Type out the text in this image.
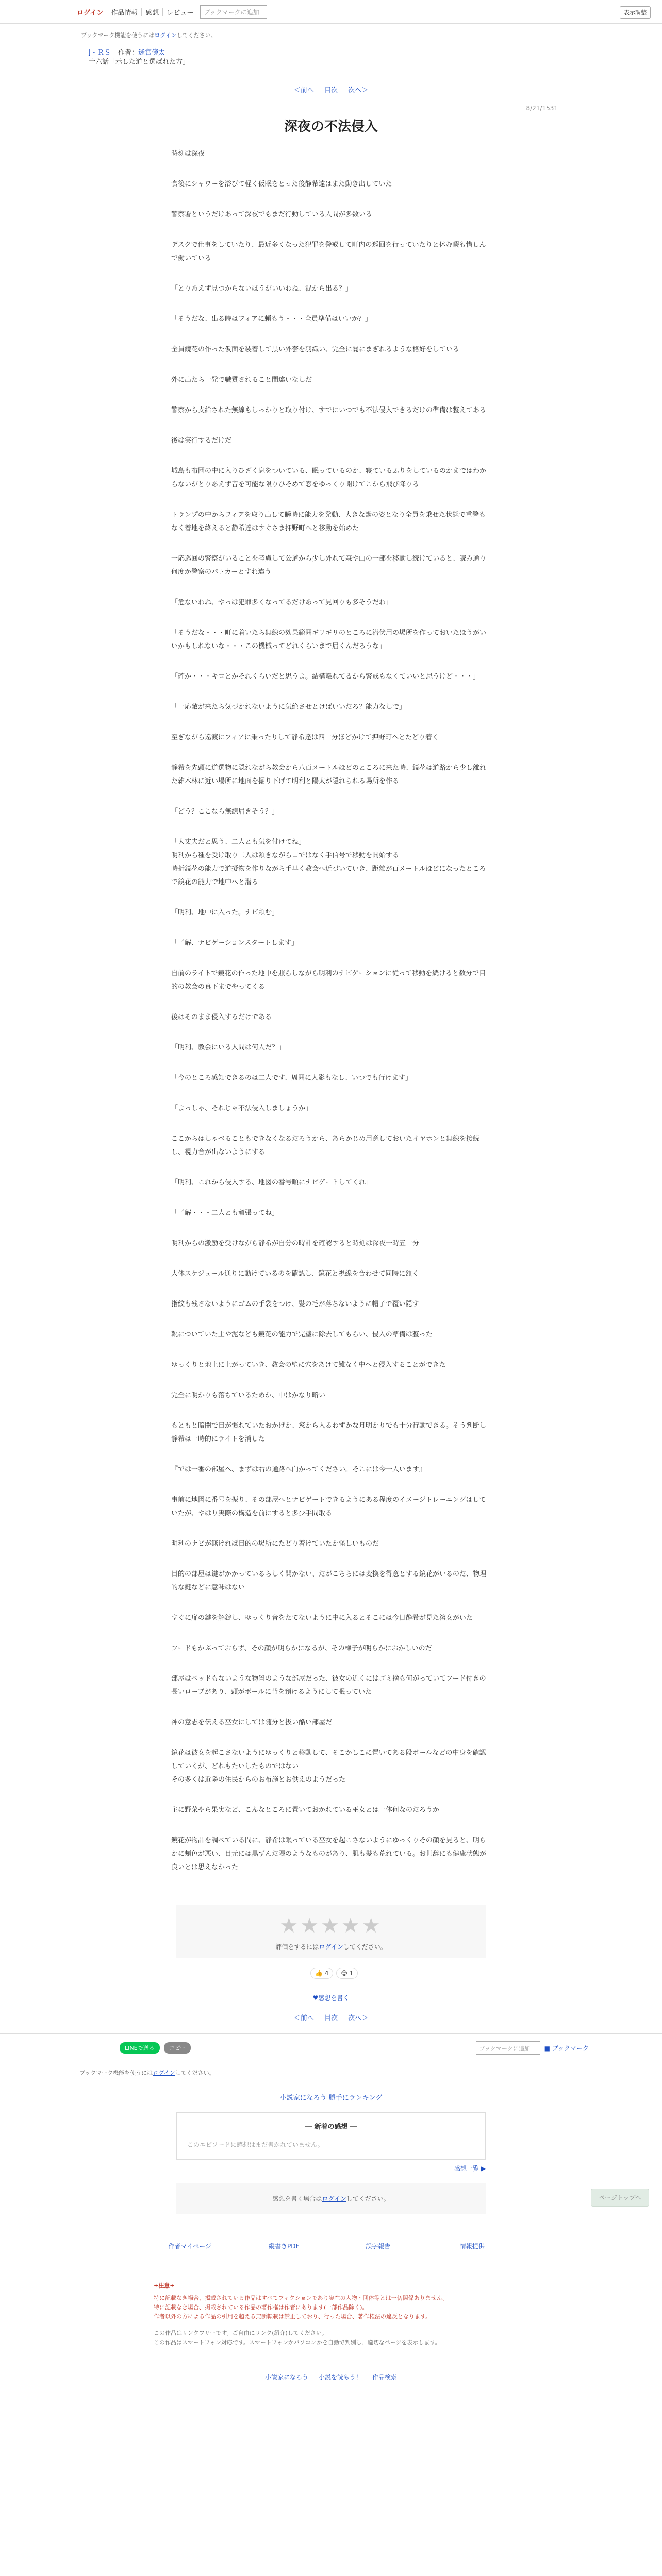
ログイン	作品情報	感想	レビュー	ブックマークに追加	表示調整
ブックマーク機能を使うにはログインしてください。
J・ＲＳ 作者：迷宮傍太
十六話「示した道と選ばれた方」
＜前へ 目次 次へ＞
8/21/1531
深夜の不法侵入

時刻は深夜

食後にシャワーを浴びて軽く仮眠をとった後静希達はまた動き出していた

警察署というだけあって深夜でもまだ行動している人間が多数いる

デスクで仕事をしていたり、最近多くなった犯罪を警戒して町内の巡回を行っていたりと休む暇も惜しんで働いている

「とりあえず見つからないほうがいいわね、混から出る？」

「そうだな、出る時はフィアに頼もう・・・全員準備はいいか？」

全員鏡花の作った仮面を装着して黒い外套を羽織い、完全に闇にまぎれるような格好をしている

外に出たら一発で職質されること間違いなしだ

警察から支給された無線もしっかりと取り付け、すでにいつでも不法侵入できるだけの準備は整えてある

後は実行するだけだ

城島も布団の中に入りひざく息をついている、眠っているのか、寝ているふりをしているのかまではわからないがとりあえず音を可能な限りひそめて窓をゆっくり開けてこから飛び降りる

トランプの中からフィアを取り出して瞬時に能力を発動、大きな獣の姿となり全員を乗せた状態で重警もなく着地を終えると静希達はすぐさま押野町へと移動を始めた

一応巡回の警察がいることを考慮して公道から少し外れて森や山の一部を移動し続けていると、読み通り何度か警察のパトカーとすれ違う

「危ないわね、やっぱ犯罪多くなってるだけあって見回りも多そうだわ」

「そうだな・・・町に着いたら無線の効果範囲ギリギリのところに潜伏用の場所を作っておいたほうがいいかもしれないな・・・この機械ってどれくらいまで届くんだろうな」

「確か・・・キロとかそれくらいだと思うよ。結構離れてるから警戒もなくていいと思うけど・・・」

「一応敵が来たら気づかれないように気絶させとけばいいだろ？能力なしで」

至ぎながら遠渡にフィアに乗ったりして静希達は四十分ほどかけて押野町へとたどり着く

静希を先頭に道選物に隠れながら教会から八百メートルほどのところに来た時、鏡花は道路から少し離れた雑木林に近い場所に地面を掘り下げて明利と陽太が隠れられる場所を作る

「どう？ここなら無線届きそう？」

「大丈夫だと思う、二人とも気を付けてね」
明利から種を受け取り二人は頷きながら口ではなく手信号で移動を開始する
時折鏡花の能力で道擬物を作りながら手早く教会へ近づいていき、距離が百メートルほどになったところで鏡花の能力で地中へと潜る

「明利、地中に入った。ナビ頼む」

「了解、ナビゲーションスタートします」

自前のライトで鏡花の作った地中を照らしながら明利のナビゲーションに従って移動を続けると数分で目的の教会の真下までやってくる

後はそのまま侵入するだけである

「明利、教会にいる人間は何人だ？」

「今のところ感知できるのは二人です、周囲に人影もなし、いつでも行けます」

「よっしゃ、それじゃ不法侵入しましょうか」

ここからはしゃべることもできなくなるだろうから、あらかじめ用意しておいたイヤホンと無線を接続し、視力音が出ないようにする

「明利、これから侵入する、地図の番号順にナビゲートしてくれ」

「了解・・・二人とも頑張ってね」

明利からの激励を受けながら静希が自分の時計を確認すると時刻は深夜一時五十分

大体スケジュール通りに動けているのを確認し、鏡花と視線を合わせて同時に頷く

指紋も残さないようにゴムの手袋をつけ、髪の毛が落ちないように帽子で覆い隠す

靴についていた土や泥なども鏡花の能力で完璧に除去してもらい、侵入の準備は整った

ゆっくりと地上に上がっていき、教会の壁に穴をあけて難なく中へと侵入することができた

完全に明かりも落ちているためか、中はかなり暗い

もともと暗闇で目が慣れていたおかげか、窓から入るわずかな月明かりでも十分行動できる。そう判断し静希は一時的にライトを消した

『では一番の部屋へ、まずは右の通路へ向かってください。そこには今一人います』

事前に地図に番号を振り、その部屋へとナビゲートできるようにある程度のイメージトレーニングはしていたが、やはり実際の構造を前にすると多少手間取る

明利のナビが無ければ目的の場所にたどり着けていたか怪しいものだ

目的の部屋は鍵がかかっているらしく開かない、だがこちらには変換を得意とする鏡花がいるのだ、物理的な鍵などに意味はない

すぐに扉の鍵を解錠し、ゆっくり音をたてないように中に入るとそこには今日静希が見た溶女がいた

フードもかぶっておらず、その顔が明らかになるが、その様子が明らかにおかしいのだ

部屋はベッドもないような物置のような部屋だった、彼女の近くにはゴミ捨も何がっていてフード付きの長いローブがあり、頭がボールに背を預けるようにして眠っていた

神の意志を伝える巫女にしては随分と扱い酷い部屋だ

鏡花は彼女を起こさないようにゆっくりと移動して、そこかしこに置いてある段ボールなどの中身を確認していくが、どれもたいしたものではない
その多くは近隣の住民からのお布施とお供えのようだった

主に野菜やら果実など、こんなところに置いておかれている巫女とは一体何なのだろうか

鏡花が物品を調べている間に、静希は眠っている巫女を起こさないようにゆっくりその顔を見ると、明らかに頬色が悪い、目元には黒ずんだ隈のようなものがあり、肌も髪も荒れている。お世辞にも健康状態が良いとは思えなかった

★★★★★
評価をするにはログインしてください。
👍 4	😊 1
♥感想を書く
＜前へ 目次 次へ＞
LINEで送る	コピー	ブックマークに追加	■ ブックマーク
ブックマーク機能を使うにはログインしてください。
小説家になろう 勝手にランキング
― 新着の感想 ―
このエピソードに感想はまだ書かれていません。
感想一覧 ▶
感想を書く場合はログインしてください。
作者マイページ	縦書きPDF	誤字報告	情報提供
+注意+
特に記載なき場合、掲載されている作品はすべてフィクションであり実在の人物・団体等とは一切関係ありません。
特に記載なき場合、掲載されている作品の著作権は作者にあります(一部作品除く)。
作者以外の方による作品の引用を超える無断転載は禁止しており、行った場合、著作権法の違反となります。
この作品はリンクフリーです。ご自由にリンク(紹介)してください。
この作品はスマートフォン対応です。スマートフォンかパソコンかを自動で判別し、適切なページを表示します。
小説家になろう 小説を読もう！ 作品検索
ページトップへ
